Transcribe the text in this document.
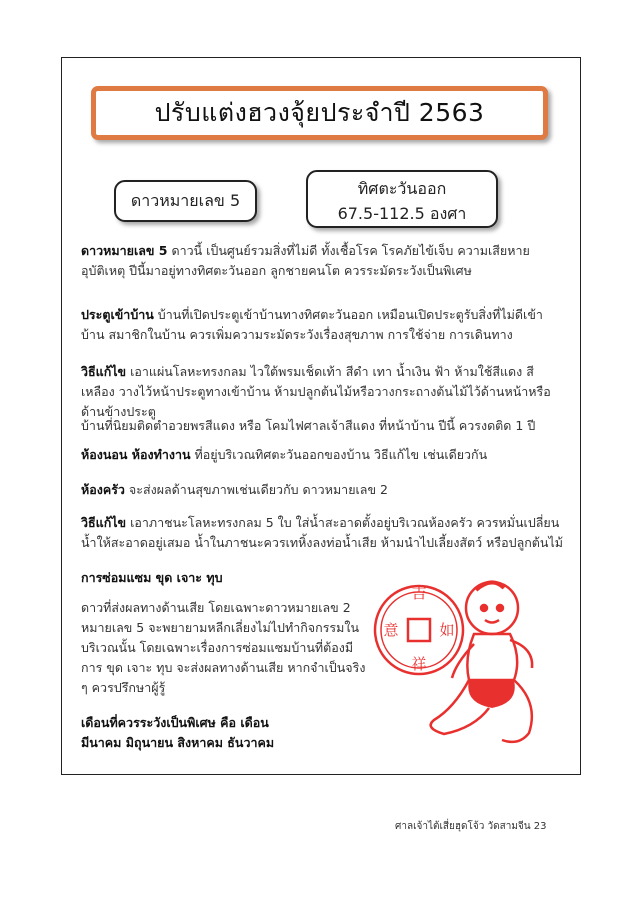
ปรับแต่งฮวงจุ้ยประจำปี 2563
ดาวหมายเลข 5
ทิศตะวันออก
67.5-112.5 องศา
ดาวหมายเลข 5 ดาวนี้ เป็นศูนย์รวมสิ่งที่ไม่ดี ทั้งเชื้อโรค โรคภัยไข้เจ็บ ความเสียหาย อุบัติเหตุ ปีนี้มาอยู่ทางทิศตะวันออก ลูกชายคนโต ควรระมัดระวังเป็นพิเศษ
ประตูเข้าบ้าน บ้านที่เปิดประตูเข้าบ้านทางทิศตะวันออก เหมือนเปิดประตูรับสิ่งที่ไม่ดีเข้าบ้าน สมาชิกในบ้าน ควรเพิ่มความระมัดระวังเรื่องสุขภาพ การใช้จ่าย การเดินทาง
วิธีแก้ไข เอาแผ่นโลหะทรงกลม ไวใต้พรมเช็ดเท้า สีดำ เทา น้ำเงิน ฟ้า ห้ามใช้สีแดง สีเหลือง วางไว้หน้าประตูทางเข้าบ้าน ห้ามปลูกต้นไม้หรือวางกระถางต้นไม้ไว้ด้านหน้าหรือด้านข้างประตู
บ้านที่นิยมติดตำอวยพรสีแดง หรือ โคมไฟศาลเจ้าสีแดง ที่หน้าบ้าน ปีนี้ ควรงดติด 1 ปี
ห้องนอน ห้องทำงาน ที่อยู่บริเวณทิศตะวันออกของบ้าน วิธีแก้ไข เช่นเดียวกัน
ห้องครัว จะส่งผลด้านสุขภาพเช่นเดียวกับ ดาวหมายเลข 2
วิธีแก้ไข เอาภาชนะโลหะทรงกลม 5 ใบ ใส่น้ำสะอาดตั้งอยู่บริเวณห้องครัว ควรหมั่นเปลี่ยนน้ำให้สะอาดอยู่เสมอ น้ำในภาชนะควรเทหิ้งลงท่อน้ำเสีย ห้ามนำไปเลี้ยงสัตว์ หรือปลูกต้นไม้
การซ่อมแซม ขุด เจาะ ทุบ
ดาวที่ส่งผลทางด้านเสีย โดยเฉพาะดาวหมายเลข 2 หมายเลข 5 จะพยายามหลีกเลี่ยงไม่ไปทำกิจกรรมในบริเวณนั้น โดยเฉพาะเรื่องการซ่อมแซมบ้านที่ต้องมีการ ขุด เจาะ ทุบ จะส่งผลทางด้านเสีย หากจำเป็นจริง ๆ ควรปรึกษาผู้รู้
เดือนที่ควรระวังเป็นพิเศษ คือ เดือนมีนาคม มิถุนายน สิงหาคม ธันวาคม
吉
如
意
祥
ศาลเจ้าไต้เสี่ยฮุดโจ้ว วัดสามจีน 23
